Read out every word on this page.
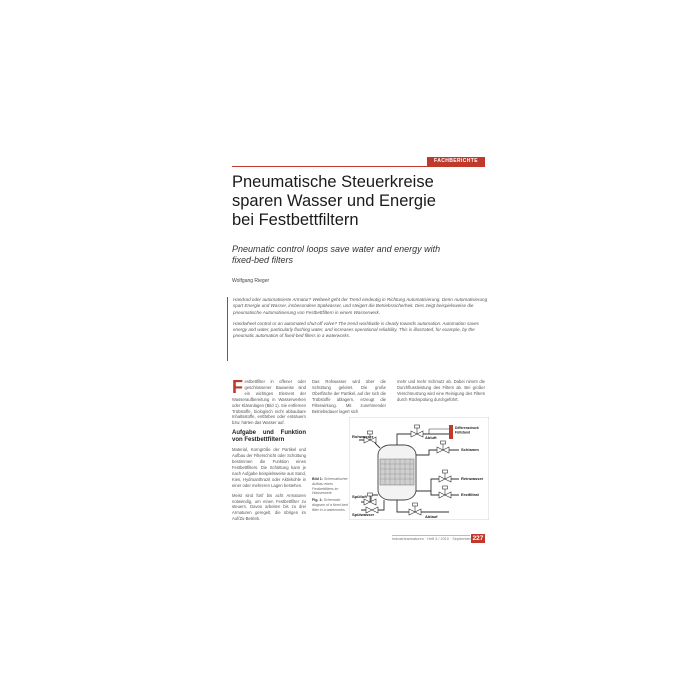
FACHBERICHTE
Pneumatische Steuerkreise
sparen Wasser und Energie
bei Festbettfiltern
Pneumatic control loops save water and energy with fixed-bed filters
Wolfgang Rieger

Handrad oder automatisierte Armatur? Weltweit geht der Trend eindeutig in Richtung Automatisierung. Denn Automatisierung spart Energie und Wasser, insbesondere Spülwasser, und steigert die Betriebssicherheit. Dies zeigt beispielsweise die pneumatische Automatisierung von Festbettfiltern in einem Wasserwerk.

Handwheel control or an automated shut-off valve? The trend worldwide is clearly towards automation. Automation saves energy and water, particularly flushing water, and increases operational reliability. This is illustrated, for example, by the pneumatic automation of fixed-bed filters in a waterworks.

Festbettfilter in offener oder geschlossener Bauweise sind ein wichtiges Element der Wasseraufbereitung in Wasserwerken oder Kläranlagen (Bild 1). Sie entfernen Trübstoffe, biologisch nicht abbaubare Inhaltsstoffe, entfärben oder entsäuern bzw. härten das Wasser auf.

Aufgabe und Funktion von Festbettfiltern

Material, Korngröße der Partikel und Aufbau der Filterschicht oder Schüttung bestimmen die Funktion eines Festbettfilters. Die Schüttung kann je nach Aufgabe beispielsweise aus Sand, Kies, Hydroanthrazit oder Aktivkohle in einer oder mehreren Lagen bestehen.

Meist sind fünf bis acht Armaturen notwendig, um einen Festbettfilter zu steuern. Davon arbeiten bis zu drei Armaturen geregelt, die übrigen im Auf/Zu-Betrieb.

Das Rohwasser wird über die Schüttung geleitet. Die große Oberfläche der Partikel, auf der sich die Trübstoffe ablagern, erzeugt die Filterwirkung. Mit zunehmender Betriebsdauer lagert sich

mehr und mehr Schmutz ab. Dabei nimmt die Durchflussleistung des Filters ab. Bei großer Verschmutzung wird eine Reinigung des Filters durch Rückspülung durchgeführt.

Bild 1: Schematischer Aufbau eines Festbettfilters im Wasserwerk
Fig. 1: Schematic diagram of a fixed-bed filter in a waterworks
Rohwasser	Abluft
Differenzdruck
Füllstand
Schlamm
Reinwasser
Spülluft	Erstfiltrat
Spülwasser	Ablauf
Industriearmaturen · Heft 3 / 2010 · September 227
